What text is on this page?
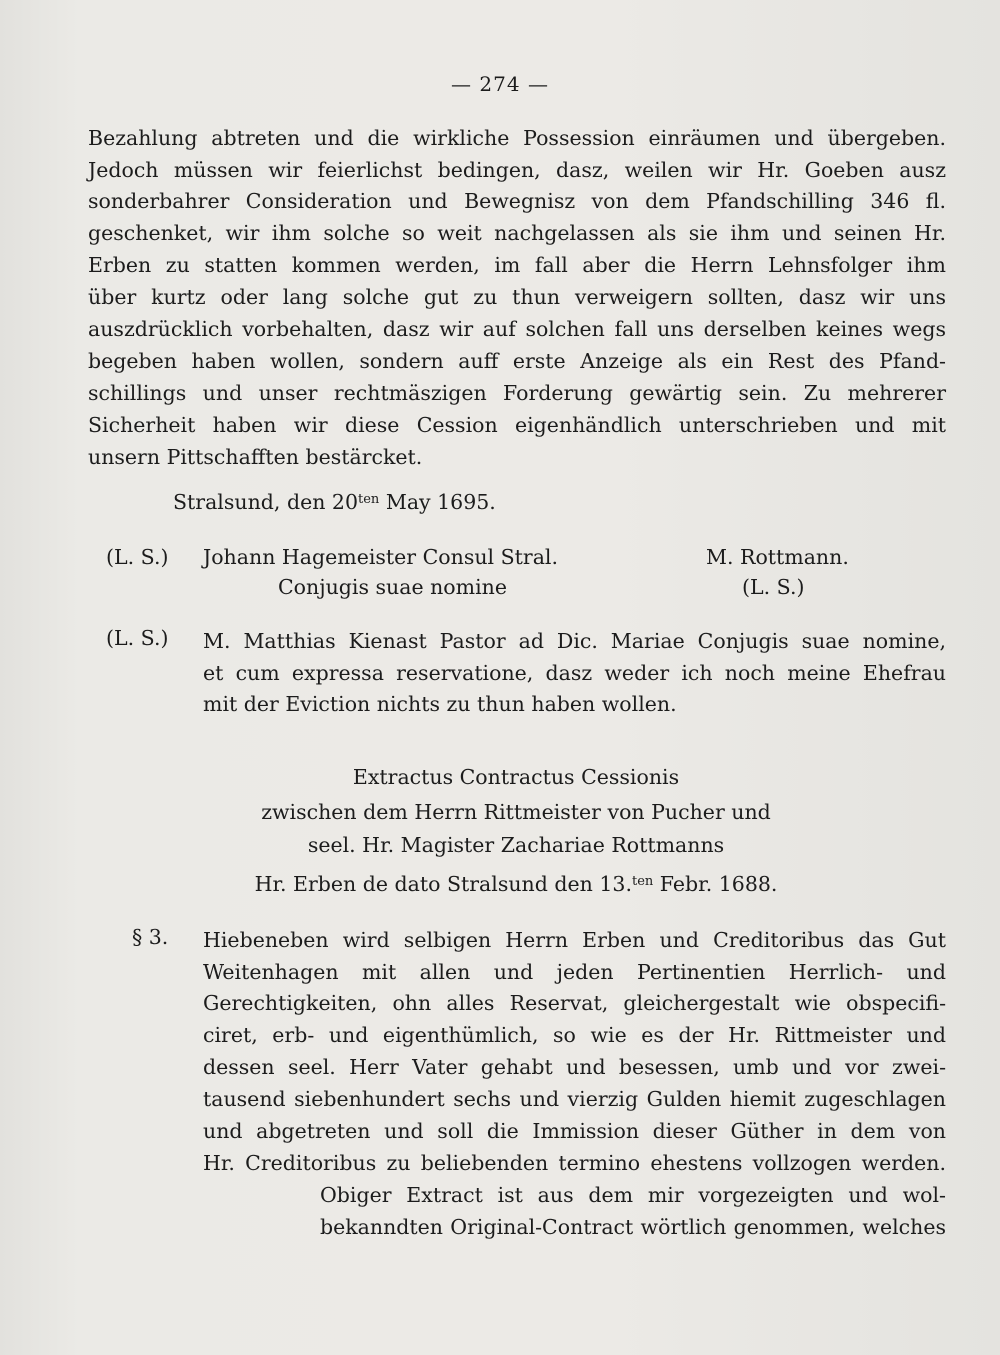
— 274 —
Bezahlung abtreten und die wirkliche Possession einräumen und übergeben.
Jedoch müssen wir feierlichst bedingen, dasz, weilen wir Hr. Goeben ausz
sonderbahrer Consideration und Bewegnisz von dem Pfandschilling 346 fl.
geschenket, wir ihm solche so weit nachgelassen als sie ihm und seinen Hr.
Erben zu statten kommen werden, im fall aber die Herrn Lehnsfolger ihm
über kurtz oder lang solche gut zu thun verweigern sollten, dasz wir uns
auszdrücklich vorbehalten, dasz wir auf solchen fall uns derselben keines wegs
begeben haben wollen, sondern auff erste Anzeige als ein Rest des Pfand-
schillings und unser rechtmäszigen Forderung gewärtig sein. Zu mehrerer
Sicherheit haben wir diese Cession eigenhändlich unterschrieben und mit
unsern Pittschafften bestärcket.
Stralsund, den $20^{ten}$ May 1695.
(L. S.) Johann Hagemeister Consul Stral.	M. Rottmann.
Conjugis suae nomine	(L. S.)
(L. S.) M. Matthias Kienast Pastor ad Dic. Mariae Conjugis suae nomine,
et cum expressa reservatione, dasz weder ich noch meine Ehefrau
mit der Eviction nichts zu thun haben wollen.
Extractus Contractus Cessionis
zwischen dem Herrn Rittmeister von Pucher und
seel. Hr. Magister Zachariae Rottmanns
Hr. Erben de dato Stralsund den 13.$^{ten}$ Febr. 1688.
§ 3. Hiebeneben wird selbigen Herrn Erben und Creditoribus das Gut
Weitenhagen mit allen und jeden Pertinentien Herrlich- und
Gerechtigkeiten, ohn alles Reservat, gleichergestalt wie obspecifi-
ciret, erb- und eigenthümlich, so wie es der Hr. Rittmeister und
dessen seel. Herr Vater gehabt und besessen, umb und vor zwei-
tausend siebenhundert sechs und vierzig Gulden hiemit zugeschlagen
und abgetreten und soll die Immission dieser Güther in dem von
Hr. Creditoribus zu beliebenden termino ehestens vollzogen werden.
Obiger Extract ist aus dem mir vorgezeigten und wol-
bekanndten Original-Contract wörtlich genommen, welches
